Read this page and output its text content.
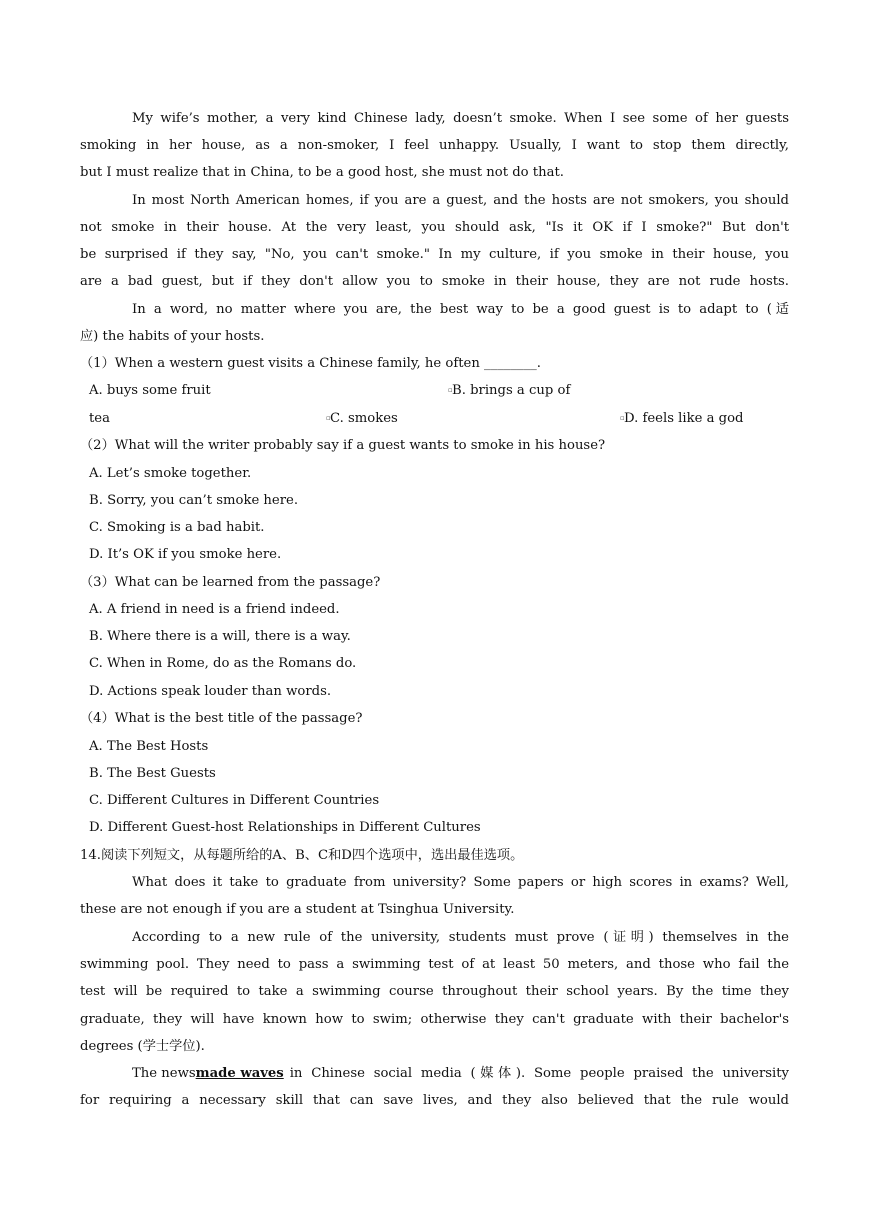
My wife’s mother, a very kind Chinese lady, doesn’t smoke. When I see some of her guests
smoking in her house, as a non-smoker, I feel unhappy. Usually, I want to stop them directly,
but I must realize that in China, to be a good host, she must not do that.
In most North American homes, if you are a guest, and the hosts are not smokers, you should
not smoke in their house. At the very least, you should ask, "Is it OK if I smoke?" But don't
be surprised if they say, "No, you can't smoke." In my culture, if you smoke in their house, you
are a bad guest, but if they don't allow you to smoke in their house, they are not rude hosts.
In a word, no matter where you are, the best way to be a good guest is to adapt to (适
应) the habits of your hosts.
（1）When a western guest visits a Chinese family, he often ________.
A. buys some fruit	▫ B. brings a cup of
tea	▫ C. smokes	▫ D. feels like a god
（2）What will the writer probably say if a guest wants to smoke in his house?
A. Let’s smoke together.
B. Sorry, you can’t smoke here.
C. Smoking is a bad habit.
D. It’s OK if you smoke here.
（3）What can be learned from the passage?
A. A friend in need is a friend indeed.
B. Where there is a will, there is a way.
C. When in Rome, do as the Romans do.
D. Actions speak louder than words.
（4）What is the best title of the passage?
A. The Best Hosts
B. The Best Guests
C. Different Cultures in Different Countries
D. Different Guest-host Relationships in Different Cultures
14.阅读下列短文，从每题所给的A、B、C和D四个选项中，选出最佳选项。
What does it take to graduate from university? Some papers or high scores in exams? Well,
these are not enough if you are a student at Tsinghua University.
According to a new rule of the university, students must prove (证明) themselves in the
swimming pool. They need to pass a swimming test of at least 50 meters, and those who fail the
test will be required to take a swimming course throughout their school years. By the time they
graduate, they will have known how to swim; otherwise they can't graduate with their bachelor's
degrees (学士学位).
The news made waves in Chinese social media (媒体). Some people praised the university
for requiring a necessary skill that can save lives, and they also believed that the rule would
